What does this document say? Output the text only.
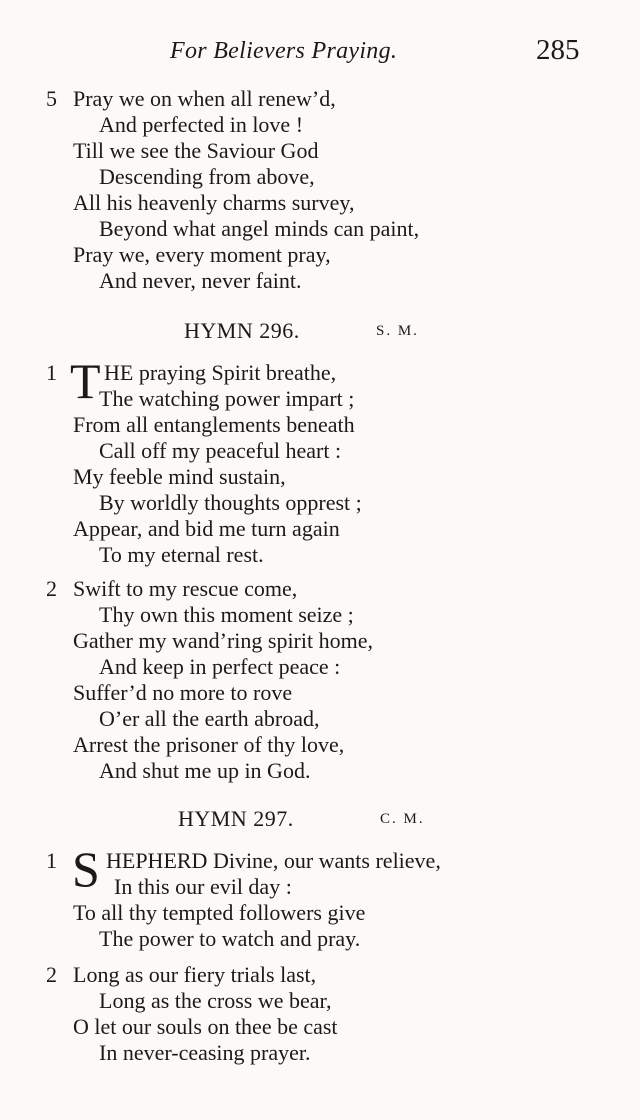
For Believers Praying.	285
5 Pray we on when all renew’d,
And perfected in love !
Till we see the Saviour God
Descending from above,
All his heavenly charms survey,
Beyond what angel minds can paint,
Pray we, every moment pray,
And never, never faint.
HYMN 296.	S. M.
1 T HE praying Spirit breathe,
The watching power impart ;
From all entanglements beneath
Call off my peaceful heart :
My feeble mind sustain,
By worldly thoughts opprest ;
Appear, and bid me turn again
To my eternal rest.
2 Swift to my rescue come,
Thy own this moment seize ;
Gather my wand’ring spirit home,
And keep in perfect peace :
Suffer’d no more to rove
O’er all the earth abroad,
Arrest the prisoner of thy love,
And shut me up in God.
HYMN 297.	C. M.
1 S HEPHERD Divine, our wants relieve,
In this our evil day :
To all thy tempted followers give
The power to watch and pray.
2 Long as our fiery trials last,
Long as the cross we bear,
O let our souls on thee be cast
In never-ceasing prayer.
